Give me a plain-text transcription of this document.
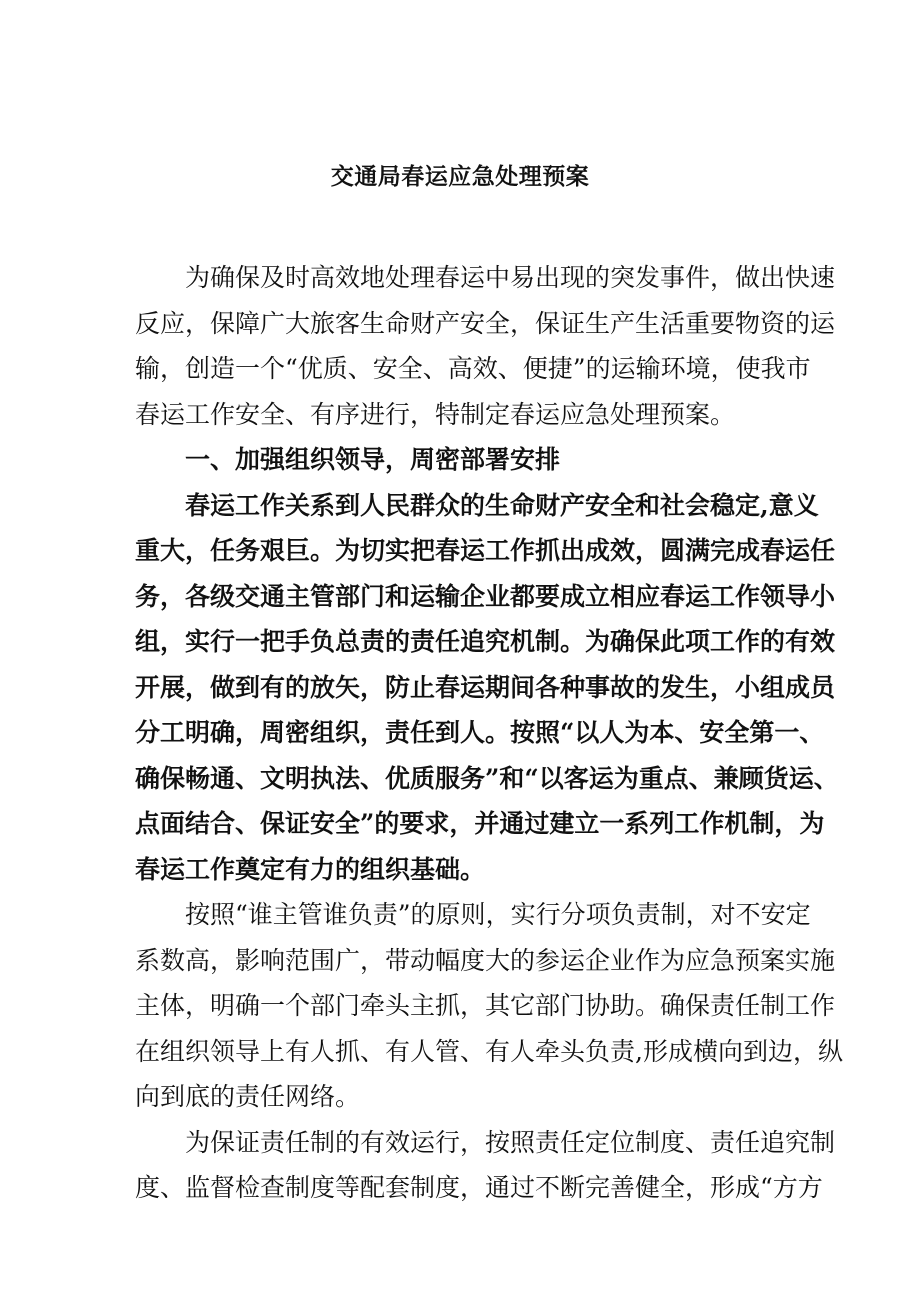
交通局春运应急处理预案
为确保及时高效地处理春运中易出现的突发事件，做出快速
反应，保障广大旅客生命财产安全，保证生产生活重要物资的运
输，创造一个“优质、安全、高效、便捷”的运输环境，使我市
春运工作安全、有序进行，特制定春运应急处理预案。
一、加强组织领导，周密部署安排
春运工作关系到人民群众的生命财产安全和社会稳定,意义
重大，任务艰巨。为切实把春运工作抓出成效，圆满完成春运任
务，各级交通主管部门和运输企业都要成立相应春运工作领导小
组，实行一把手负总责的责任追究机制。为确保此项工作的有效
开展，做到有的放矢，防止春运期间各种事故的发生，小组成员
分工明确，周密组织，责任到人。按照“以人为本、安全第一、
确保畅通、文明执法、优质服务”和“以客运为重点、兼顾货运、
点面结合、保证安全”的要求，并通过建立一系列工作机制，为
春运工作奠定有力的组织基础。
按照“谁主管谁负责”的原则，实行分项负责制，对不安定
系数高，影响范围广，带动幅度大的参运企业作为应急预案实施
主体，明确一个部门牵头主抓，其它部门协助。确保责任制工作
在组织领导上有人抓、有人管、有人牵头负责,形成横向到边，纵
向到底的责任网络。
为保证责任制的有效运行，按照责任定位制度、责任追究制
度、监督检查制度等配套制度，通过不断完善健全，形成“方方
